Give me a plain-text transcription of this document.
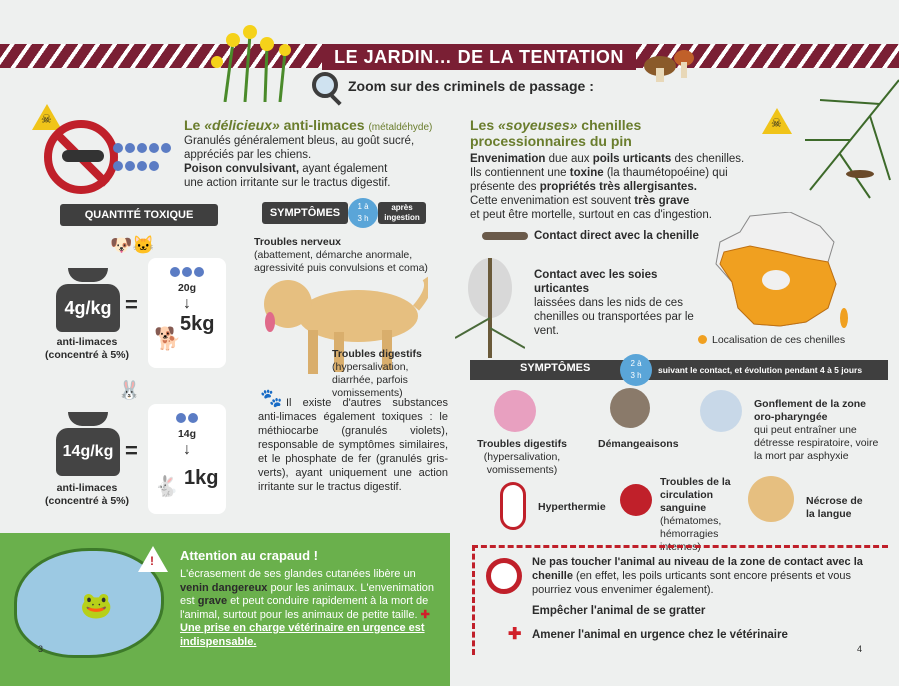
LE JARDIN… DE LA TENTATION
Zoom sur des criminels de passage :
☠	Le «délicieux» anti-limaces (métaldéhyde)
Granulés généralement bleus, au goût sucré,
appréciés par les chiens.
Poison convulsivant, ayant également
une action irritante sur le tractus digestif.
QUANTITÉ TOXIQUE
🐶🐱
4g/kg
anti-limaces
(concentré à 5%)
=
20g
↓
5kg
🐕
🐰
14g/kg
anti-limaces
(concentré à 5%)
=
14g
↓
1kg
🐇
SYMPTÔMES
1 à
3 h
après
ingestion
Troubles nerveux
(abattement, démarche anormale, agressivité puis convulsions et coma)
Troubles digestifs
(hypersalivation,
diarrhée, parfois
vomissements)
🐾 Il existe d'autres substances anti-limaces également toxiques : le méthiocarbe (granulés violets), responsable de symptômes similaires, et le phosphate de fer (granulés gris-verts), ayant uniquement une action irritante sur le tractus digestif.
🐸
! Attention au crapaud !
L'écrasement de ses glandes cutanées libère un venin dangereux pour les animaux. L'envenimation est grave et peut conduire rapidement à la mort de l'animal, surtout pour les animaux de petite taille. ✚ Une prise en charge vétérinaire en urgence est indispensable.
3
Les «soyeuses» chenilles
processionnaires du pin
☠
Envenimation due aux poils urticants des chenilles.
Ils contiennent une toxine (la thaumétopoéine) qui
présente des propriétés très allergisantes.
Cette envenimation est souvent très grave
et peut être mortelle, surtout en cas d'ingestion.
Contact direct avec la chenille
Contact avec les soies urticantes
laissées dans les nids de ces chenilles ou transportées par le vent.
Localisation de ces chenilles
SYMPTÔMES	2 à
3 h
suivant le contact, et évolution pendant 4 à 5 jours
Troubles digestifs
(hypersalivation,
vomissements)
Démangeaisons
Gonflement de la zone oro-pharyngée
qui peut entraîner une détresse respiratoire, voire la mort par asphyxie
Hyperthermie
Troubles de la circulation sanguine
(hématomes, hémorragies internes)
Nécrose de la langue
Ne pas toucher l'animal au niveau de la zone de contact avec la chenille (en effet, les poils urticants sont encore présents et vous pourriez vous envenimer également).
Empêcher l'animal de se gratter
✚ Amener l'animal en urgence chez le vétérinaire
4
